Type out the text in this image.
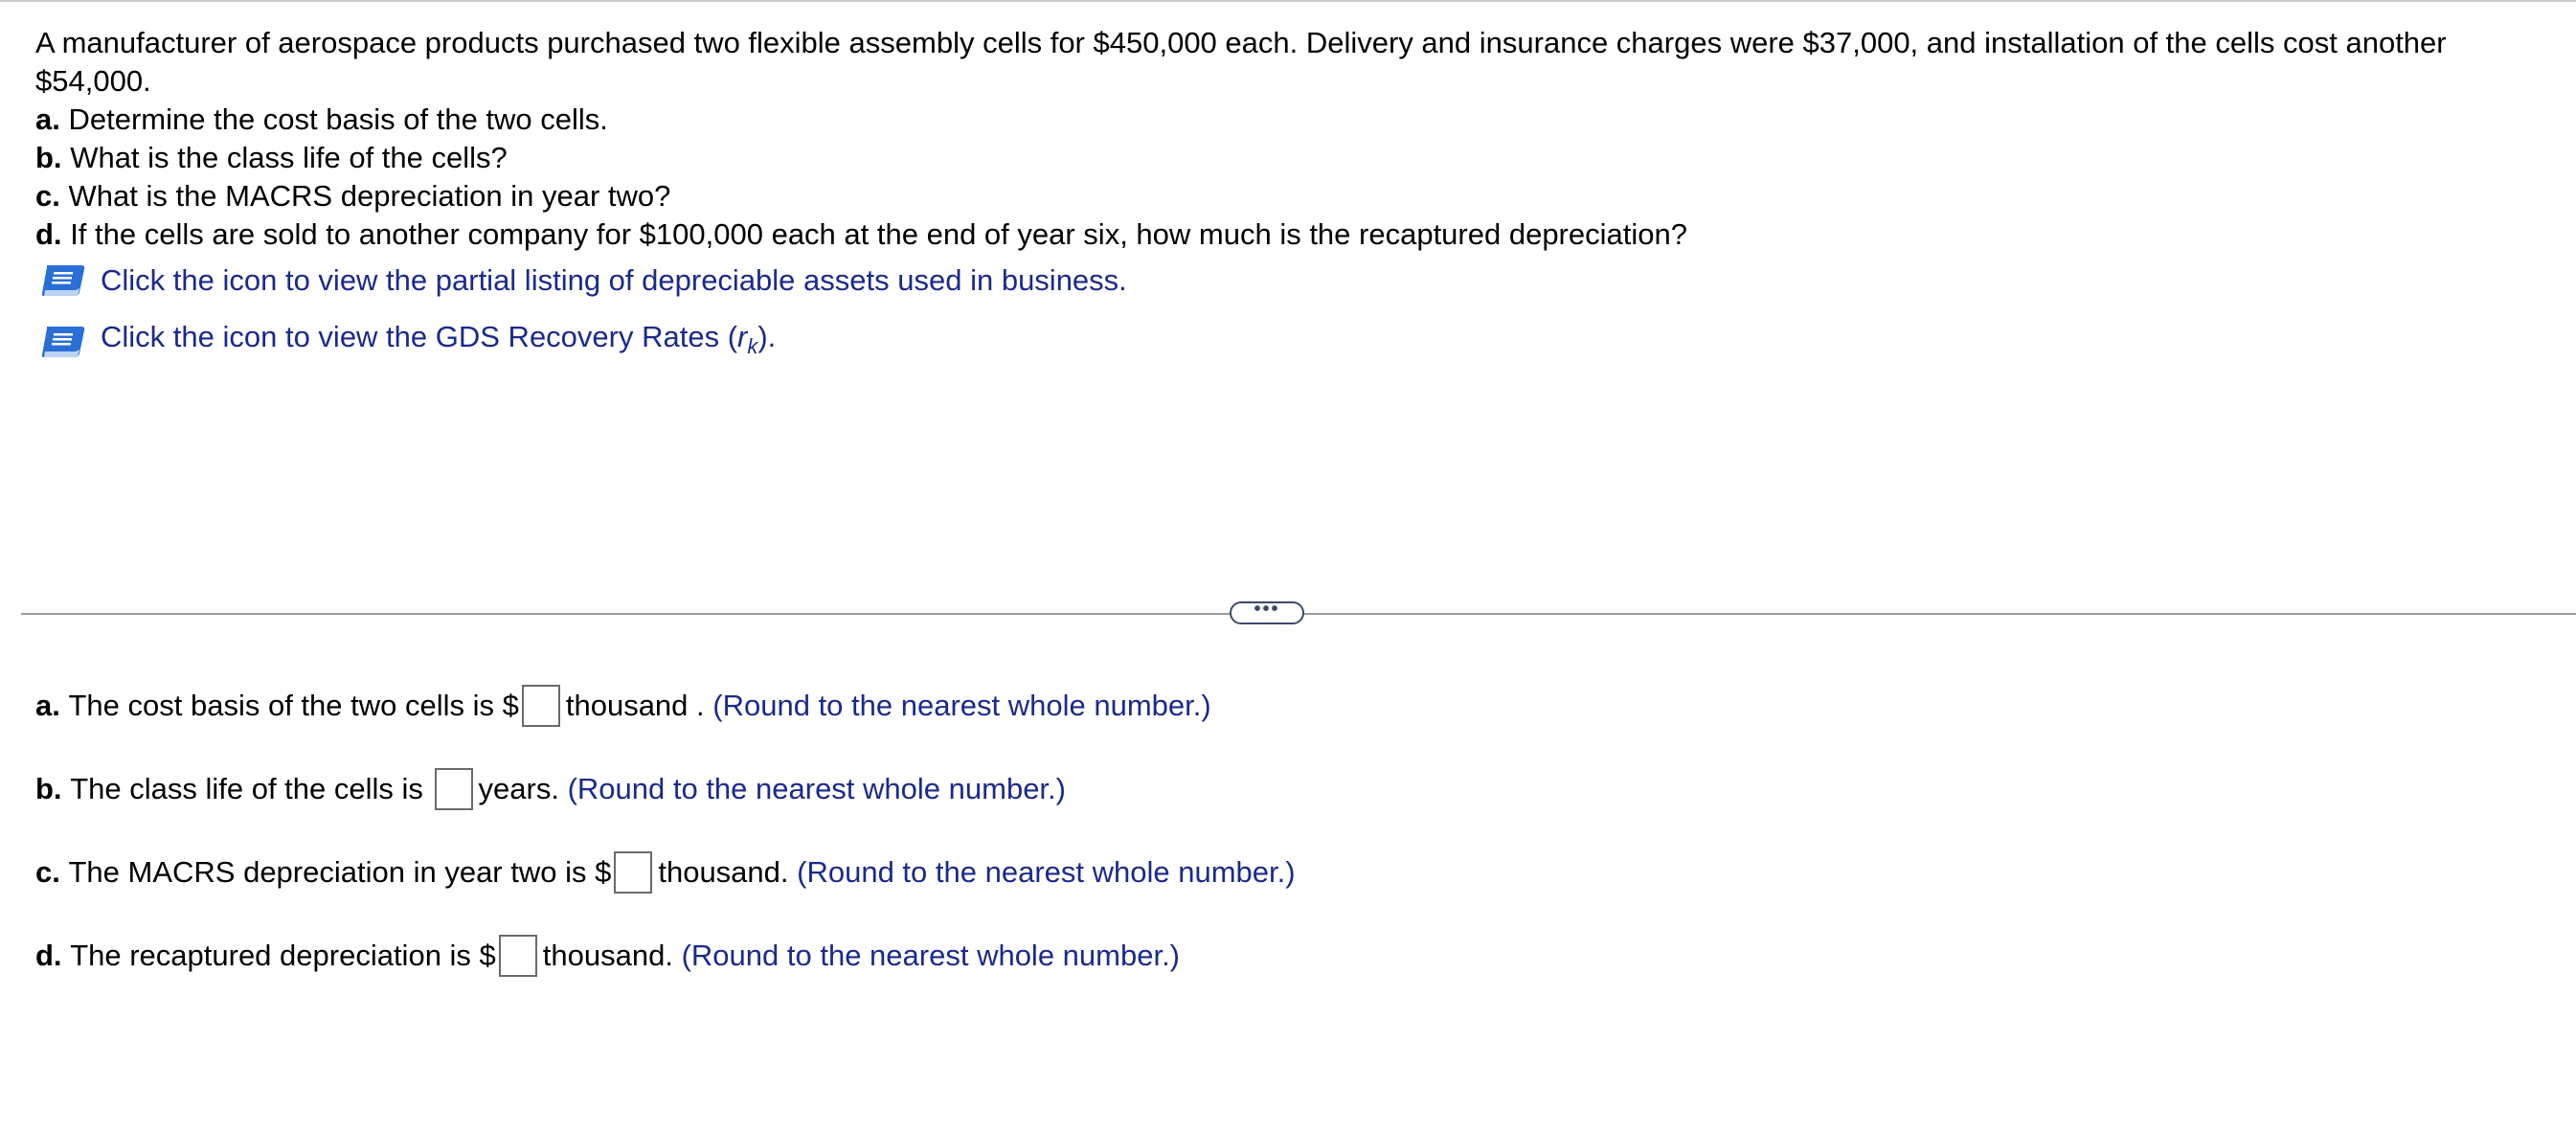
A manufacturer of aerospace products purchased two flexible assembly cells for $450,000 each. Delivery and insurance charges were $37,000, and installation of the cells cost another
$54,000.
a. Determine the cost basis of the two cells.
b. What is the class life of the cells?
c. What is the MACRS depreciation in year two?
d. If the cells are sold to another company for $100,000 each at the end of year six, how much is the recaptured depreciation?
Click the icon to view the partial listing of depreciable assets used in business.
Click the icon to view the GDS Recovery Rates $(r_k)$.
•••
a.
The cost basis of the two cells is $ thousand .
(Round to the nearest whole number.)
b.
The class life of the cells is
years.
(Round to the nearest whole number.)
c.
The MACRS depreciation in year two is $ thousand.
(Round to the nearest whole number.)
d.
The recaptured depreciation is $ thousand.
(Round to the nearest whole number.)
